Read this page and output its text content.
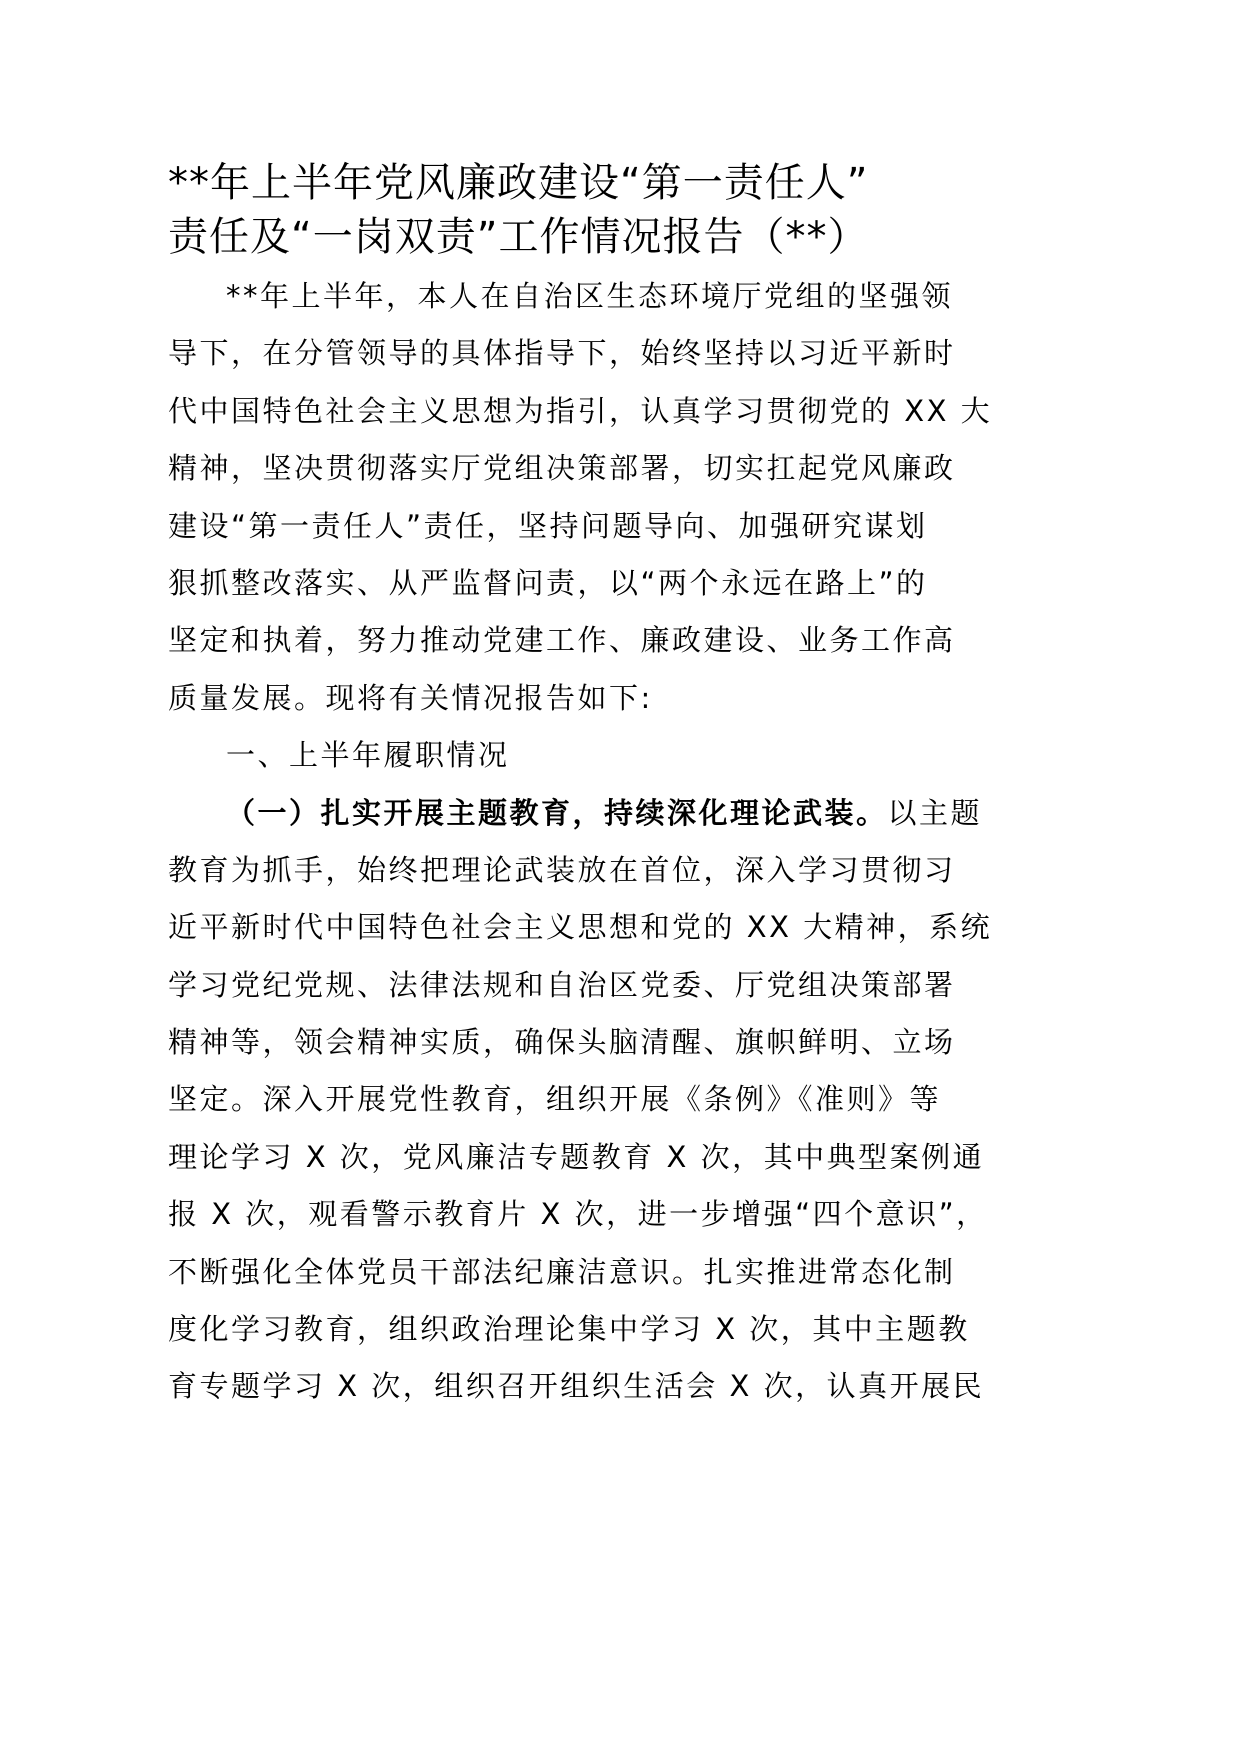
**年上半年党风廉政建设“第一责任人”
责任及“一岗双责”工作情况报告（**）
**年上半年，本人在自治区生态环境厅党组的坚强领
导下，在分管领导的具体指导下，始终坚持以习近平新时
代中国特色社会主义思想为指引，认真学习贯彻党的 XX 大
精神，坚决贯彻落实厅党组决策部署，切实扛起党风廉政
建设“第一责任人”责任，坚持问题导向、加强研究谋划
狠抓整改落实、从严监督问责，以“两个永远在路上”的
坚定和执着，努力推动党建工作、廉政建设、业务工作高
质量发展。现将有关情况报告如下:
一、上半年履职情况
（一）扎实开展主题教育，持续深化理论武装。以主题
教育为抓手，始终把理论武装放在首位，深入学习贯彻习
近平新时代中国特色社会主义思想和党的 XX 大精神，系统
学习党纪党规、法律法规和自治区党委、厅党组决策部署
精神等，领会精神实质，确保头脑清醒、旗帜鲜明、立场
坚定。深入开展党性教育，组织开展《条例》《准则》等
理论学习 X 次，党风廉洁专题教育 X 次，其中典型案例通
报 X 次，观看警示教育片 X 次，进一步增强“四个意识”，
不断强化全体党员干部法纪廉洁意识。扎实推进常态化制
度化学习教育，组织政治理论集中学习 X 次，其中主题教
育专题学习 X 次，组织召开组织生活会 X 次，认真开展民
